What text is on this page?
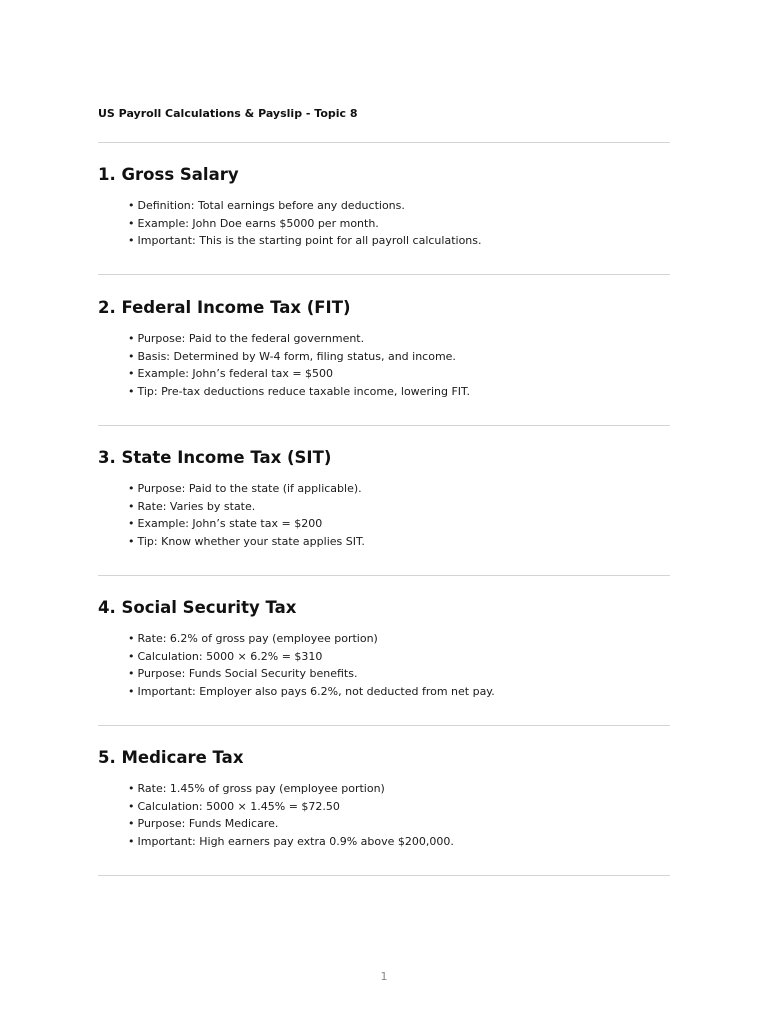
US Payroll Calculations & Payslip - Topic 8
1. Gross Salary
• Definition: Total earnings before any deductions.
• Example: John Doe earns $5000 per month.
• Important: This is the starting point for all payroll calculations.
2. Federal Income Tax (FIT)
• Purpose: Paid to the federal government.
• Basis: Determined by W-4 form, filing status, and income.
• Example: John’s federal tax = $500
• Tip: Pre-tax deductions reduce taxable income, lowering FIT.
3. State Income Tax (SIT)
• Purpose: Paid to the state (if applicable).
• Rate: Varies by state.
• Example: John’s state tax = $200
• Tip: Know whether your state applies SIT.
4. Social Security Tax
• Rate: 6.2% of gross pay (employee portion)
• Calculation: 5000 × 6.2% = $310
• Purpose: Funds Social Security benefits.
• Important: Employer also pays 6.2%, not deducted from net pay.
5. Medicare Tax
• Rate: 1.45% of gross pay (employee portion)
• Calculation: 5000 × 1.45% = $72.50
• Purpose: Funds Medicare.
• Important: High earners pay extra 0.9% above $200,000.
1
